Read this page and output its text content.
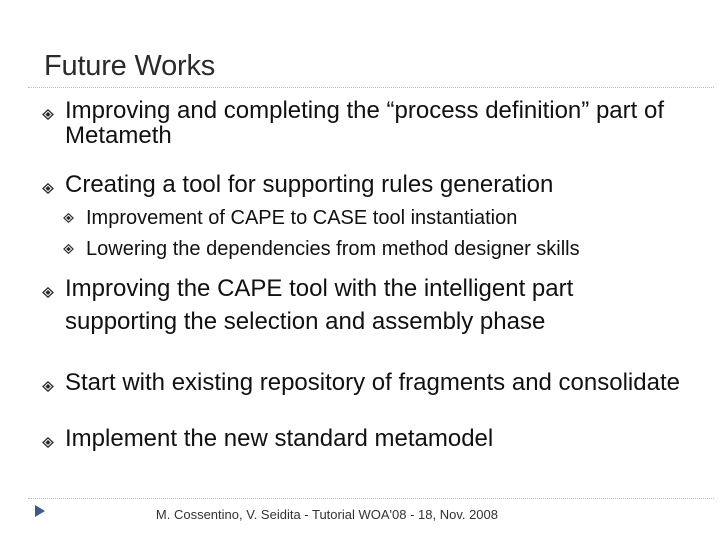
Future Works
Improving and completing the “process definition” part of Metameth
Creating a tool for supporting rules generation
Improvement of CAPE to CASE tool instantiation
Lowering the dependencies from method designer skills
Improving the CAPE tool with the intelligent part supporting the selection and assembly phase
Start with existing repository of fragments and consolidate
Implement the new standard metamodel
M. Cossentino, V. Seidita - Tutorial WOA'08 - 18, Nov. 2008
